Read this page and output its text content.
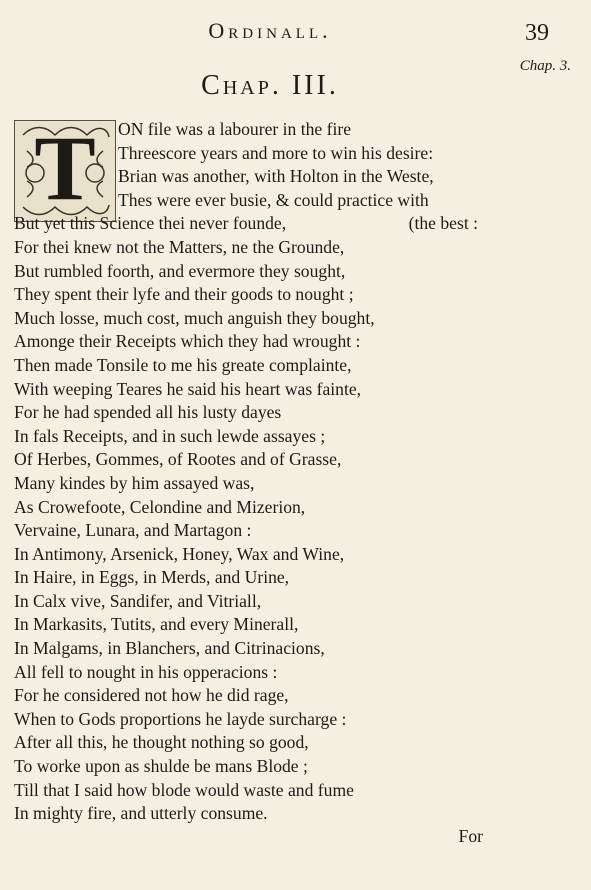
Ordinall.	39
Chap. 3.
Chap. III.
T	ON file was a labourer in the fire
Threescore years and more to win his desire:
Brian was another, with Holton in the Weste,
Thes were ever busie, & could practice with
But yet this Science thei never founde,	(the best :
For thei knew not the Matters, ne the Grounde,
But rumbled foorth, and evermore they sought,
They spent their lyfe and their goods to nought ;
Much losse, much cost, much anguish they bought,
Amonge their Receipts which they had wrought :
Then made Tonsile to me his greate complainte,
With weeping Teares he said his heart was fainte,
For he had spended all his lusty dayes
In fals Receipts, and in such lewde assayes ;
Of Herbes, Gommes, of Rootes and of Grasse,
Many kindes by him assayed was,
As Crowefoote, Celondine and Mizerion,
Vervaine, Lunara, and Martagon :
In Antimony, Arsenick, Honey, Wax and Wine,
In Haire, in Eggs, in Merds, and Urine,
In Calx vive, Sandifer, and Vitriall,
In Markasits, Tutits, and every Minerall,
In Malgams, in Blanchers, and Citrinacions,
All fell to nought in his opperacions :
For he considered not how he did rage,
When to Gods proportions he layde surcharge :
After all this, he thought nothing so good,
To worke upon as shulde be mans Blode ;
Till that I said how blode would waste and fume
In mighty fire, and utterly consume.
For
